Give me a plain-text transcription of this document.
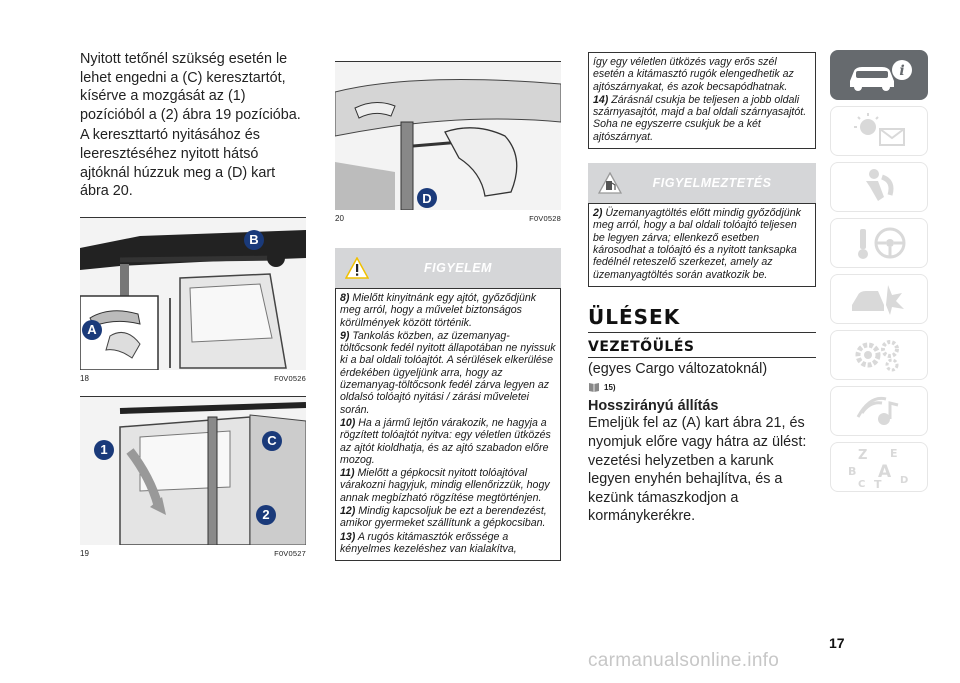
Nyitott tetőnél szükség esetén le lehet engedni a (C) keresztartót, kísérve a mozgását az (1) pozícióból a (2) ábra 19 pozícióba.

A kereszttartó nyitásához és leeresztéséhez nyitott hátsó ajtóknál húzzuk meg a (D) kart ábra 20.

A
B
18	F0V0526
1
C
2
19	F0V0527
D
20	F0V0528
FIGYELEM

8) Mielőtt kinyitnánk egy ajtót, győződjünk meg arról, hogy a művelet biztonságos körülmények között történik.

9) Tankolás közben, az üzemanyag-töltőcsonk fedél nyitott állapotában ne nyissuk ki a bal oldali tolóajtót. A sérülések elkerülése érdekében ügyeljünk arra, hogy az üzemanyag-töltőcsonk fedél zárva legyen az oldalsó tolóajtó nyitási / zárási műveletei során.

10) Ha a jármű lejtőn várakozik, ne hagyja a rögzített tolóajtót nyitva: egy véletlen ütközés az ajtót kioldhatja, és az ajtó szabadon előre mozog.

11) Mielőtt a gépkocsit nyitott tolóajtóval várakozni hagyjuk, mindig ellenőrizzük, hogy annak megbízható rögzítése megtörténjen.

12) Mindig kapcsoljuk be ezt a berendezést, amikor gyermeket szállítunk a gépkocsiban.

13) A rugós kitámasztók erőssége a kényelmes kezeléshez van kialakítva,

így egy véletlen ütközés vagy erős szél esetén a kitámasztó rugók elengedhetik az ajtószárnyakat, és azok becsapódhatnak.

14) Zárásnál csukja be teljesen a jobb oldali szárnyasajtót, majd a bal oldali szárnyasajtót. Soha ne egyszerre csukjuk be a két ajtószárnyat.

FIGYELMEZTETÉS

2) Üzemanyagtöltés előtt mindig győződjünk meg arról, hogy a bal oldali tolóajtó teljesen be legyen zárva; ellenkező esetben károsodhat a tolóajtó és a nyitott tanksapka fedélnél reteszelő szerkezet, amely az üzemanyagtöltés során avatkozik be.

ÜLÉSEK
VEZETŐÜLÉS

(egyes Cargo változatoknál)

15)
Hosszirányú állítás

Emeljük fel az (A) kart ábra 21, és nyomjuk előre vagy hátra az ülést: vezetési helyzetben a karunk legyen enyhén behajlítva, és a kezünk támaszkodjon a kormánykerékre.

i
Z E
B A
C T D
17
carmanualsonline.info
